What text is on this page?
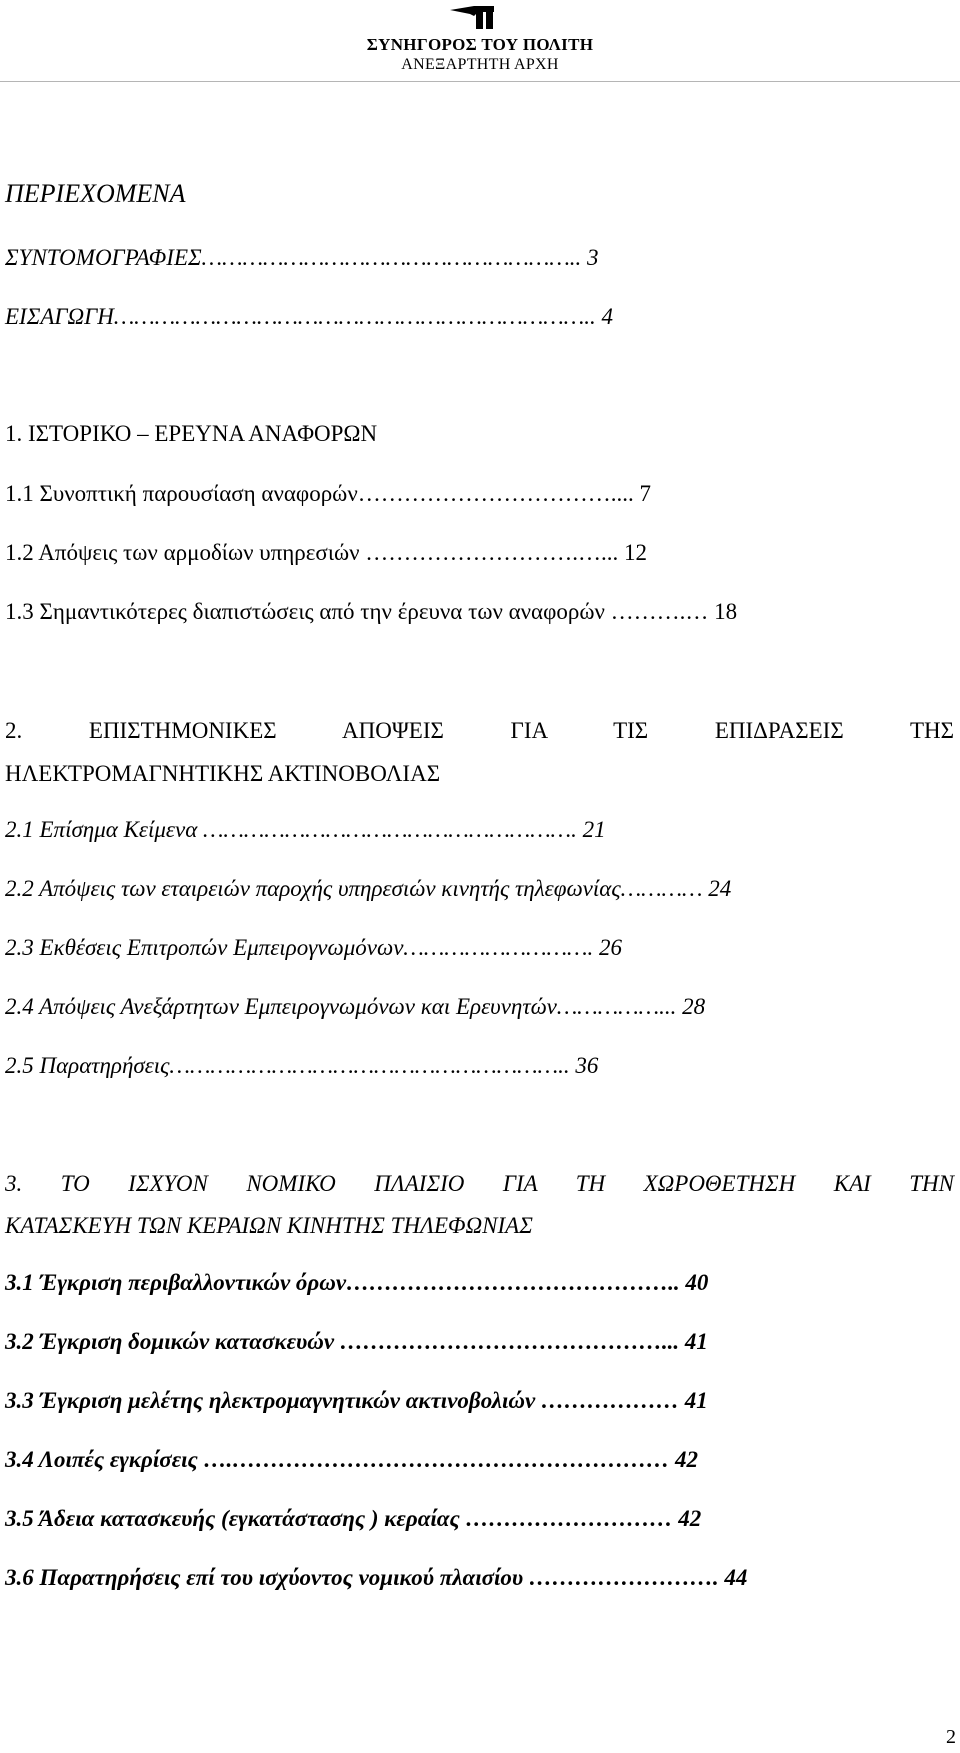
ΣΥΝΗΓΟΡΟΣ ΤΟΥ ΠΟΛΙΤΗ
ΑΝΕΞΑΡΤΗΤΗ ΑΡΧΗ
ΠΕΡΙΕΧΟΜΕΝΑ
ΣΥΝΤΟΜΟΓΡΑΦΙΕΣ……………………………………………….. 3
ΕΙΣΑΓΩΓΗ…………………………………………………………….. 4
1. ΙΣΤΟΡΙΚΟ – ΕΡΕΥΝΑ ΑΝΑΦΟΡΩΝ
1.1 Συνοπτική παρουσίαση αναφορών…………………………….... 7
1.2 Απόψεις των αρμοδίων υπηρεσιών ……………………….…... 12
1.3 Σημαντικότερες διαπιστώσεις από την έρευνα των αναφορών ……….… 18
2. ΕΠΙΣΤΗΜΟΝΙΚΕΣ ΑΠΟΨΕΙΣ ΓΙΑ ΤΙΣ ΕΠΙΔΡΑΣΕΙΣ ΤΗΣ
ΗΛΕΚΤΡΟΜΑΓΝΗΤΙΚΗΣ ΑΚΤΙΝΟΒΟΛΙΑΣ
2.1 Επίσημα Κείμενα ………………………………………………. 21
2.2 Απόψεις των εταιρειών παροχής υπηρεσιών κινητής τηλεφωνίας………… 24
2.3 Εκθέσεις Επιτροπών Εμπειρογνωμόνων………………………. 26
2.4 Απόψεις Ανεξάρτητων Εμπειρογνωμόνων και Ερευνητών……………... 28
2.5 Παρατηρήσεις………………………………………………….. 36
3. ΤΟ ΙΣΧΥΟΝ ΝΟΜΙΚΟ ΠΛΑΙΣΙΟ ΓΙΑ ΤΗ ΧΩΡΟΘΕΤΗΣΗ ΚΑΙ ΤΗΝ
ΚΑΤΑΣΚΕΥΗ ΤΩΝ ΚΕΡΑΙΩΝ ΚΙΝΗΤΗΣ ΤΗΛΕΦΩΝΙΑΣ
3.1 Έγκριση περιβαλλοντικών όρων…………………………………….. 40
3.2 Έγκριση δομικών κατασκευών ……………………………………... 41
3.3 Έγκριση μελέτης ηλεκτρομαγνητικών ακτινοβολιών ……………… 41
3.4 Λοιπές εγκρίσεις ….………………………………………………… 42
3.5 Άδεια κατασκευής (εγκατάστασης ) κεραίας ……………………… 42
3.6 Παρατηρήσεις επί του ισχύοντος νομικού πλαισίου ……………………. 44
2
